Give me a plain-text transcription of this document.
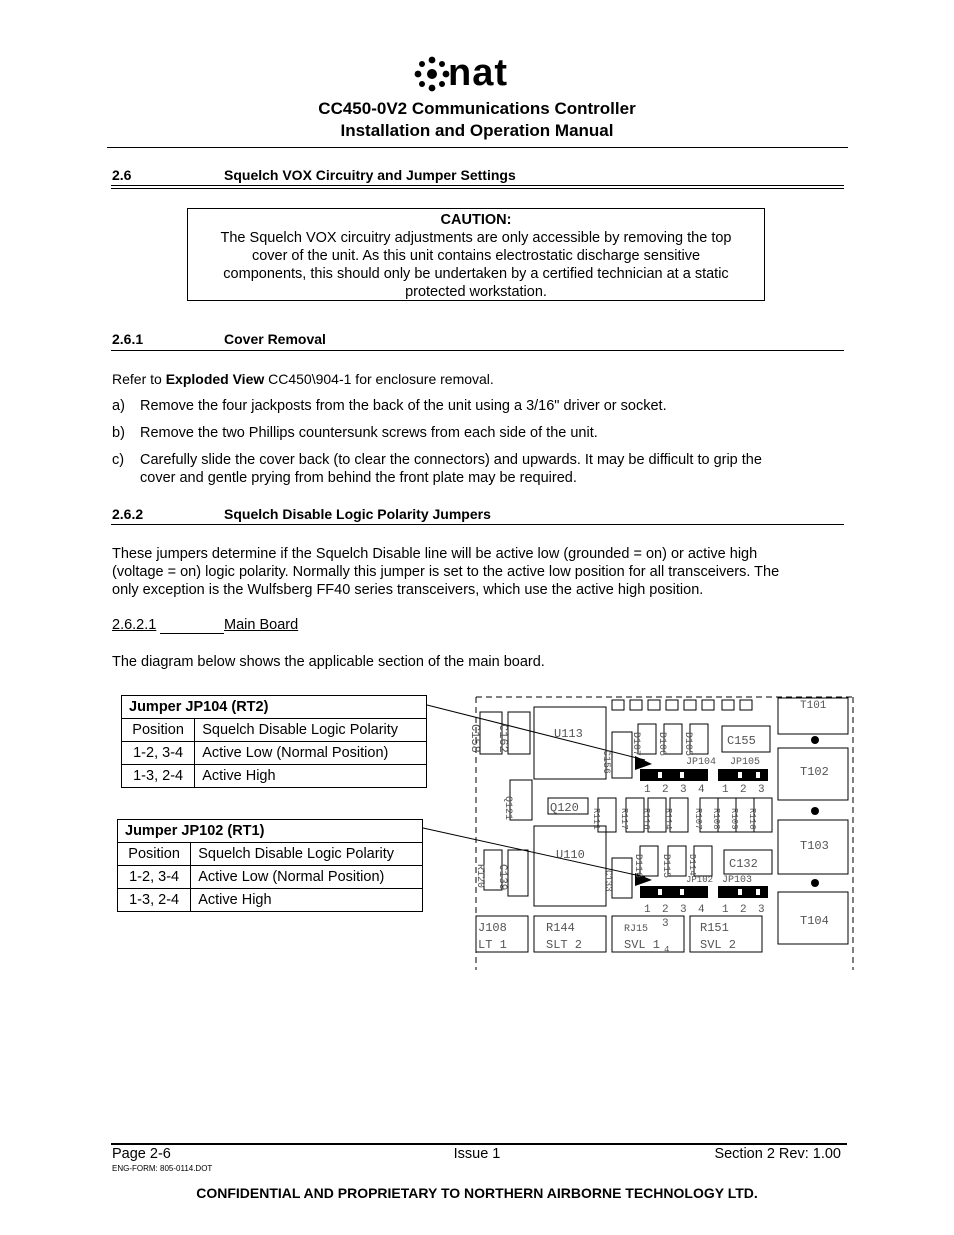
nat
CC450-0V2 Communications Controller
Installation and Operation Manual
2.6	Squelch VOX Circuitry and Jumper Settings
CAUTION:
The Squelch VOX circuitry adjustments are only accessible by removing the top
cover of the unit. As this unit contains electrostatic discharge sensitive
components, this should only be undertaken by a certified technician at a static
protected workstation.
2.6.1	Cover Removal
Refer to Exploded View CC450\904-1 for enclosure removal.
a) Remove the four jackposts from the back of the unit using a 3/16" driver or socket.
b) Remove the two Phillips countersunk screws from each side of the unit.
c) Carefully slide the cover back (to clear the connectors) and upwards. It may be difficult to grip the
cover and gentle prying from behind the front plate may be required.
2.6.2	Squelch Disable Logic Polarity Jumpers
These jumpers determine if the Squelch Disable line will be active low (grounded = on) or active high
(voltage = on) logic polarity. Normally this jumper is set to the active low position for all transceivers. The
only exception is the Wulfsberg FF40 series transceivers, which use the active high position.
2.6.2.1	Main Board
The diagram below shows the applicable section of the main board.
Jumper JP104 (RT2)	
Position	Squelch Disable Logic Polarity
1-2, 3-4	Active Low (Normal Position)
1-3, 2-4	Active High
Jumper JP102 (RT1)	
Position	Squelch Disable Logic Polarity
1-2, 3-4	Active Low (Normal Position)
1-3, 2-4	Active High
C158 C162	U113	D107 D106 D105	C155
T101
C156	JP104 JP105
T102
Q121	Q120 R111 R117 R116 R114 R107 R108 R109 R110
U110	D116 D115 D114	C132
T103
R120 C139	C133	JP102 JP103
T104
J108
LT 1
R144
SLT 2
RJ15
SVL 1
R151
SVL 2
1 2 3 4 1 2 3
1 2 3 4 1 2 3
3
4
Page 2-6
ENG-FORM: 805-0114.DOT
Issue 1	Section 2 Rev: 1.00
CONFIDENTIAL AND PROPRIETARY TO NORTHERN AIRBORNE TECHNOLOGY LTD.
